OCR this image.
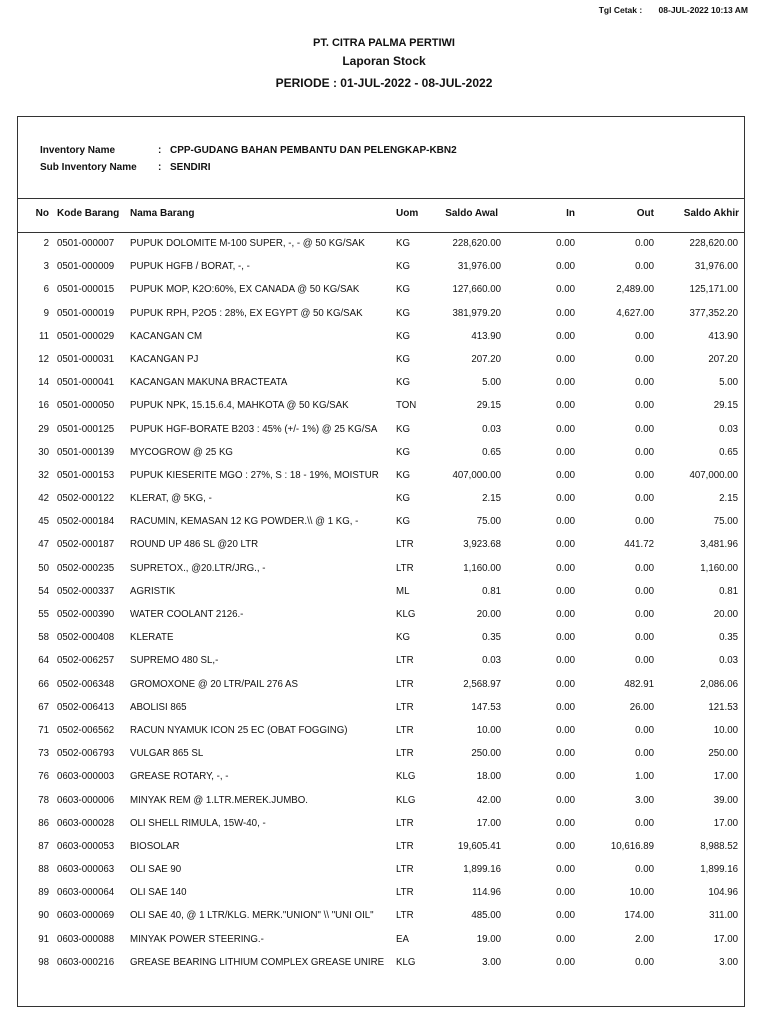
Tgl Cetak : 08-JUL-2022 10:13 AM
PT. CITRA PALMA PERTIWI
Laporan Stock
PERIODE : 01-JUL-2022 - 08-JUL-2022
Inventory Name	: CPP-GUDANG BAHAN PEMBANTU DAN PELENGKAP-KBN2
Sub Inventory Name : SENDIRI
No Kode Barang	Nama Barang	Uom	Saldo Awal	In	Out	Saldo Akhir
2 0501-000007	PUPUK DOLOMITE M-100 SUPER, -, - @ 50 KG/SAK	KG	228,620.00	0.00	0.00	228,620.00
3 0501-000009	PUPUK HGFB / BORAT, -, -	KG	31,976.00	0.00	0.00	31,976.00
6 0501-000015	PUPUK MOP, K2O:60%, EX CANADA @ 50 KG/SAK	KG	127,660.00	0.00	2,489.00	125,171.00
9 0501-000019	PUPUK RPH, P2O5 : 28%, EX EGYPT @ 50 KG/SAK	KG	381,979.20	0.00	4,627.00	377,352.20
11 0501-000029	KACANGAN CM	KG	413.90	0.00	0.00	413.90
12 0501-000031	KACANGAN PJ	KG	207.20	0.00	0.00	207.20
14 0501-000041	KACANGAN MAKUNA BRACTEATA	KG	5.00	0.00	0.00	5.00
16 0501-000050	PUPUK NPK, 15.15.6.4, MAHKOTA @ 50 KG/SAK	TON	29.15	0.00	0.00	29.15
29 0501-000125	PUPUK HGF-BORATE B203 : 45% (+/- 1%) @ 25 KG/SA	KG	0.03	0.00	0.00	0.03
30 0501-000139	MYCOGROW @ 25 KG	KG	0.65	0.00	0.00	0.65
32 0501-000153	PUPUK KIESERITE MGO : 27%, S : 18 - 19%, MOISTUR	KG	407,000.00	0.00	0.00	407,000.00
42 0502-000122	KLERAT, @ 5KG, -	KG	2.15	0.00	0.00	2.15
45 0502-000184	RACUMIN, KEMASAN 12 KG POWDER.\\ @ 1 KG, -	KG	75.00	0.00	0.00	75.00
47 0502-000187	ROUND UP 486 SL @20 LTR	LTR	3,923.68	0.00	441.72	3,481.96
50 0502-000235	SUPRETOX., @20.LTR/JRG., -	LTR	1,160.00	0.00	0.00	1,160.00
54 0502-000337	AGRISTIK	ML	0.81	0.00	0.00	0.81
55 0502-000390	WATER COOLANT 2126.-	KLG	20.00	0.00	0.00	20.00
58 0502-000408	KLERATE	KG	0.35	0.00	0.00	0.35
64 0502-006257	SUPREMO 480 SL,-	LTR	0.03	0.00	0.00	0.03
66 0502-006348	GROMOXONE @ 20 LTR/PAIL 276 AS	LTR	2,568.97	0.00	482.91	2,086.06
67 0502-006413	ABOLISI 865	LTR	147.53	0.00	26.00	121.53
71 0502-006562	RACUN NYAMUK ICON 25 EC (OBAT FOGGING)	LTR	10.00	0.00	0.00	10.00
73 0502-006793	VULGAR 865 SL	LTR	250.00	0.00	0.00	250.00
76 0603-000003	GREASE ROTARY, -, -	KLG	18.00	0.00	1.00	17.00
78 0603-000006	MINYAK REM @ 1.LTR.MEREK.JUMBO.	KLG	42.00	0.00	3.00	39.00
86 0603-000028	OLI SHELL RIMULA, 15W-40, -	LTR	17.00	0.00	0.00	17.00
87 0603-000053	BIOSOLAR	LTR	19,605.41	0.00	10,616.89	8,988.52
88 0603-000063	OLI SAE 90	LTR	1,899.16	0.00	0.00	1,899.16
89 0603-000064	OLI SAE 140	LTR	114.96	0.00	10.00	104.96
90 0603-000069	OLI SAE 40, @ 1 LTR/KLG. MERK."UNION" \\ "UNI OIL"	LTR	485.00	0.00	174.00	311.00
91 0603-000088	MINYAK POWER STEERING.-	EA	19.00	0.00	2.00	17.00
98 0603-000216	GREASE BEARING LITHIUM COMPLEX GREASE UNIRE	KLG	3.00	0.00	0.00	3.00
